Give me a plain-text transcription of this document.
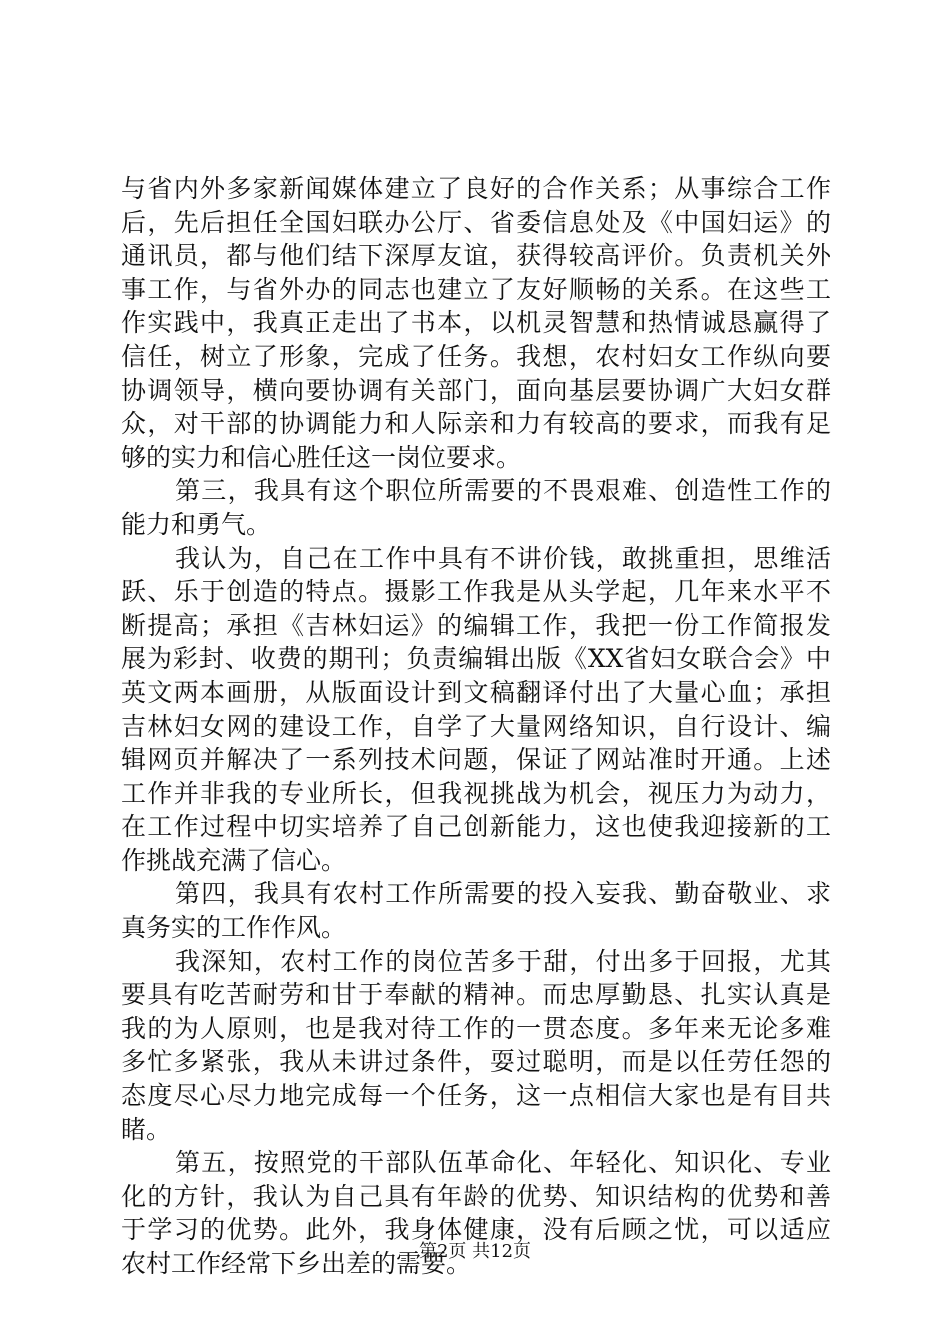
与省内外多家新闻媒体建立了良好的合作关系；从事综合工作
后，先后担任全国妇联办公厅、省委信息处及《中国妇运》的
通讯员，都与他们结下深厚友谊，获得较高评价。负责机关外
事工作，与省外办的同志也建立了友好顺畅的关系。在这些工
作实践中，我真正走出了书本，以机灵智慧和热情诚恳赢得了
信任，树立了形象，完成了任务。我想，农村妇女工作纵向要
协调领导，横向要协调有关部门，面向基层要协调广大妇女群
众，对干部的协调能力和人际亲和力有较高的要求，而我有足
够的实力和信心胜任这一岗位要求。
第三，我具有这个职位所需要的不畏艰难、创造性工作的
能力和勇气。
我认为，自己在工作中具有不讲价钱，敢挑重担，思维活
跃、乐于创造的特点。摄影工作我是从头学起，几年来水平不
断提高；承担《吉林妇运》的编辑工作，我把一份工作简报发
展为彩封、收费的期刊；负责编辑出版《XX省妇女联合会》中
英文两本画册，从版面设计到文稿翻译付出了大量心血；承担
吉林妇女网的建设工作，自学了大量网络知识，自行设计、编
辑网页并解决了一系列技术问题，保证了网站准时开通。上述
工作并非我的专业所长，但我视挑战为机会，视压力为动力，
在工作过程中切实培养了自己创新能力，这也使我迎接新的工
作挑战充满了信心。
第四，我具有农村工作所需要的投入妄我、勤奋敬业、求
真务实的工作作风。
我深知，农村工作的岗位苦多于甜，付出多于回报，尤其
要具有吃苦耐劳和甘于奉献的精神。而忠厚勤恳、扎实认真是
我的为人原则，也是我对待工作的一贯态度。多年来无论多难
多忙多紧张，我从未讲过条件，耍过聪明，而是以任劳任怨的
态度尽心尽力地完成每一个任务，这一点相信大家也是有目共
睹。
第五，按照党的干部队伍革命化、年轻化、知识化、专业
化的方针，我认为自己具有年龄的优势、知识结构的优势和善
于学习的优势。此外，我身体健康，没有后顾之忧，可以适应
农村工作经常下乡出差的需要。
第2页 共12页
